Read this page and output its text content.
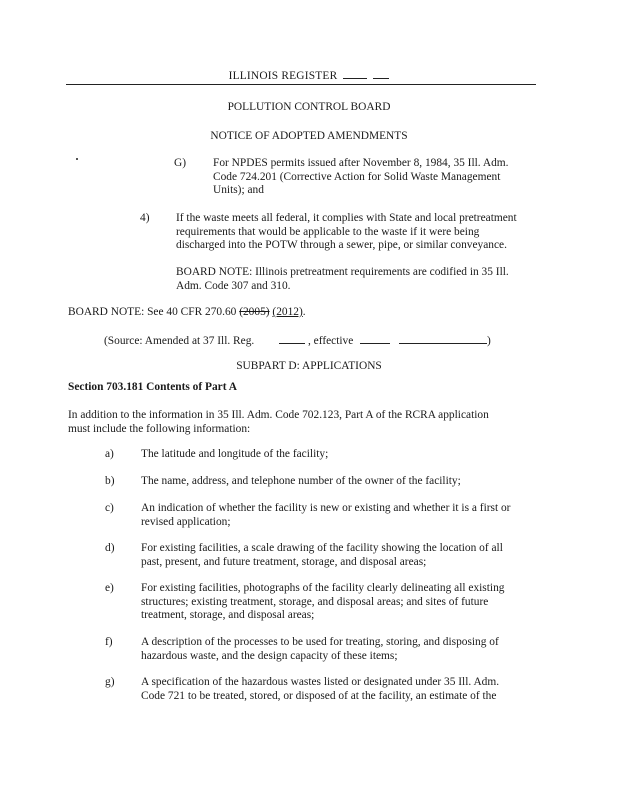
ILLINOIS REGISTER
POLLUTION CONTROL BOARD
NOTICE OF ADOPTED AMENDMENTS
G)	For NPDES permits issued after November 8, 1984, 35 Ill. Adm.
Code 724.201 (Corrective Action for Solid Waste Management
Units); and
4)	If the waste meets all federal, it complies with State and local pretreatment
requirements that would be applicable to the waste if it were being
discharged into the POTW through a sewer, pipe, or similar conveyance.
BOARD NOTE: Illinois pretreatment requirements are codified in 35 Ill.
Adm. Code 307 and 310.
BOARD NOTE: See 40 CFR 270.60 (2005) (2012).
(Source: Amended at 37 Ill. Reg.	, effective	)
SUBPART D: APPLICATIONS
Section 703.181 Contents of Part A
In addition to the information in 35 Ill. Adm. Code 702.123, Part A of the RCRA application
must include the following information:
a)	The latitude and longitude of the facility;
b)	The name, address, and telephone number of the owner of the facility;
c)	An indication of whether the facility is new or existing and whether it is a first or
revised application;
d)	For existing facilities, a scale drawing of the facility showing the location of all
past, present, and future treatment, storage, and disposal areas;
e)	For existing facilities, photographs of the facility clearly delineating all existing
structures; existing treatment, storage, and disposal areas; and sites of future
treatment, storage, and disposal areas;
f)	A description of the processes to be used for treating, storing, and disposing of
hazardous waste, and the design capacity of these items;
g)	A specification of the hazardous wastes listed or designated under 35 Ill. Adm.
Code 721 to be treated, stored, or disposed of at the facility, an estimate of the
